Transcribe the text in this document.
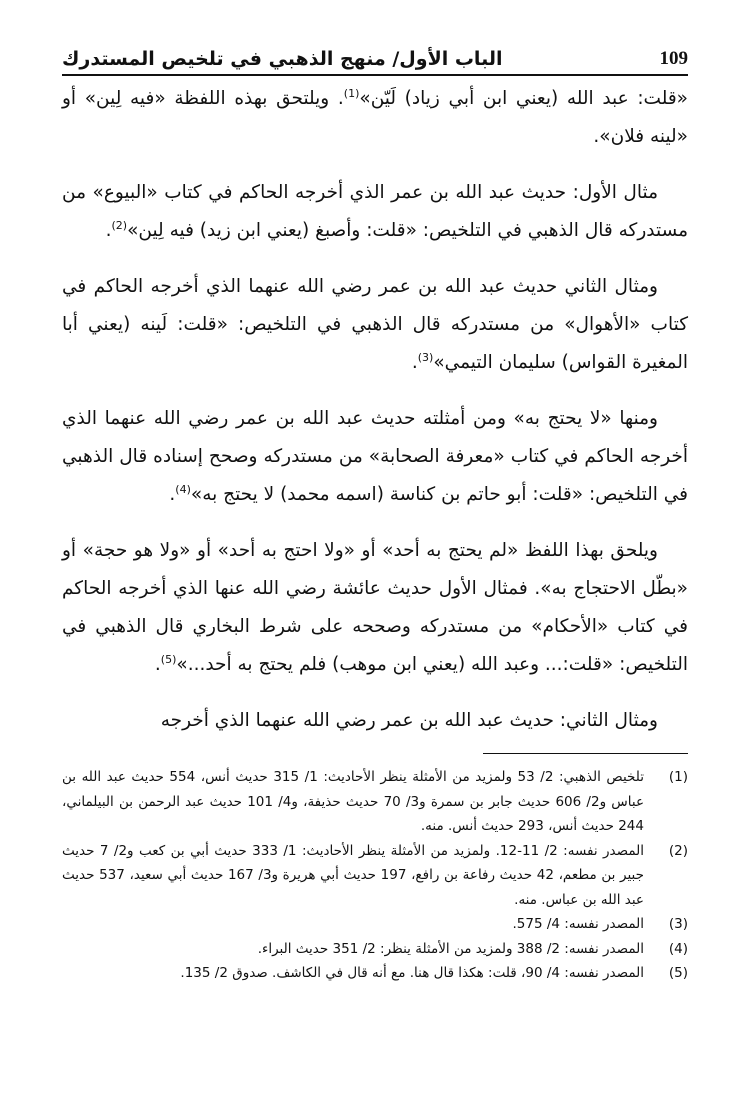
الباب الأول/ منهج الذهبي في تلخيص المستدرك	109

«قلت: عبد الله (يعني ابن أبي زياد) لَيّن»$^{(1)}$. ويلتحق بهذه اللفظة «فيه لِين» أو «لينه فلان».

مثال الأول: حديث عبد الله بن عمر الذي أخرجه الحاكم في كتاب «البيوع» من مستدركه قال الذهبي في التلخيص: «قلت: وأصبغ (يعني ابن زيد) فيه لِين»$^{(2)}$.

ومثال الثاني حديث عبد الله بن عمر رضي الله عنهما الذي أخرجه الحاكم في كتاب «الأهوال» من مستدركه قال الذهبي في التلخيص: «قلت: لَينه (يعني أبا المغيرة القواس) سليمان التيمي»$^{(3)}$.

ومنها «لا يحتج به» ومن أمثلته حديث عبد الله بن عمر رضي الله عنهما الذي أخرجه الحاكم في كتاب «معرفة الصحابة» من مستدركه وصحح إسناده قال الذهبي في التلخيص: «قلت: أبو حاتم بن كناسة (اسمه محمد) لا يحتج به»$^{(4)}$.

ويلحق بهذا اللفظ «لم يحتج به أحد» أو «ولا احتج به أحد» أو «ولا هو حجة» أو «بطّل الاحتجاج به». فمثال الأول حديث عائشة رضي الله عنها الذي أخرجه الحاكم في كتاب «الأحكام» من مستدركه وصححه على شرط البخاري قال الذهبي في التلخيص: «قلت:... وعبد الله (يعني ابن موهب) فلم يحتج به أحد...»$^{(5)}$.

ومثال الثاني: حديث عبد الله بن عمر رضي الله عنهما الذي أخرجه

(1)
تلخيص الذهبي: 2/ 53 ولمزيد من الأمثلة ينظر الأحاديث: 1/ 315 حديث أنس، 554 حديث عبد الله بن عباس و2/ 606 حديث جابر بن سمرة و3/ 70 حديث حذيفة، و4/ 101 حديث عبد الرحمن بن البيلماني، 244 حديث أنس، 293 حديث أنس. منه.
(2)
المصدر نفسه: 2/ 11-12. ولمزيد من الأمثلة ينظر الأحاديث: 1/ 333 حديث أبي بن كعب و2/ 7 حديث جبير بن مطعم، 42 حديث رفاعة بن رافع، 197 حديث أبي هريرة و3/ 167 حديث أبي سعيد، 537 حديث عبد الله بن عباس. منه.
(3)
المصدر نفسه: 4/ 575.
(4)
المصدر نفسه: 2/ 388 ولمزيد من الأمثلة ينظر: 2/ 351 حديث البراء.
(5)
المصدر نفسه: 4/ 90، قلت: هكذا قال هنا. مع أنه قال في الكاشف. صدوق 2/ 135.
